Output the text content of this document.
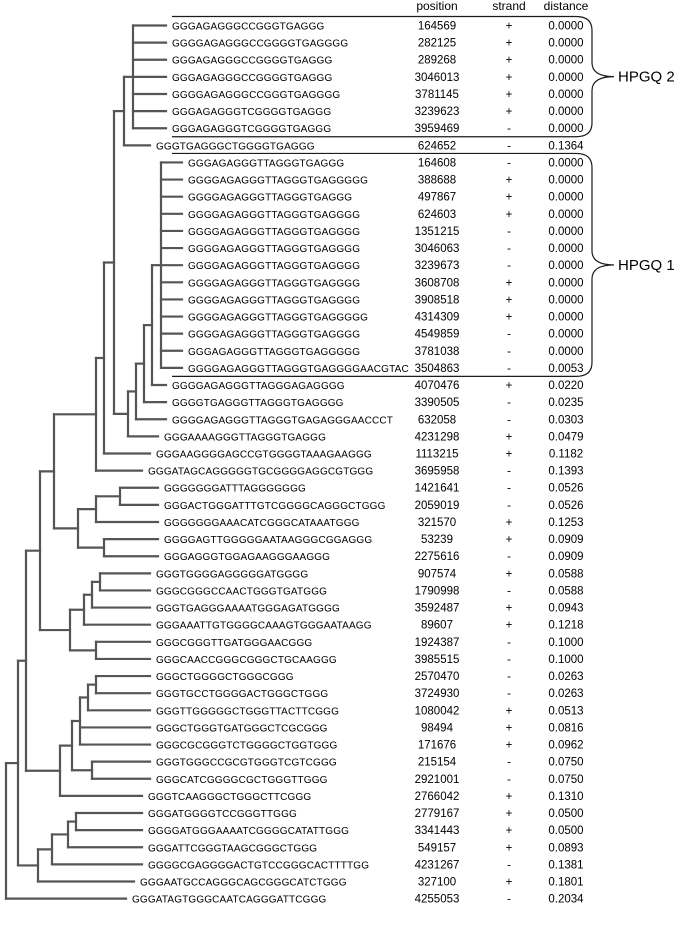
position	strand distance
GGGAGAGGGCCGGGTGAGGG	164569	+	0.0000
GGGGAGAGGGCCGGGGTGAGGGG	282125	+	0.0000
GGGAGAGGGCCGGGGTGAGGG	289268	+	0.0000
GGGAGAGGGCCGGGGTGAGGG	3046013	+	0.0000
GGGGAGAGGGCCGGGTGAGGGG	3781145	+	0.0000
GGGAGAGGGTCGGGGTGAGGG	3239623	+	0.0000
GGGAGAGGGTCGGGGTGAGGG	3959469	-	0.0000
GGGTGAGGGCTGGGGTGAGGG	624652	-	0.1364
GGGAGAGGGTTAGGGTGAGGG	164608	-	0.0000
GGGGAGAGGGTTAGGGTGAGGGGG	388688	+	0.0000
GGGGAGAGGGTTAGGGTGAGGG	497867	+	0.0000
GGGGAGAGGGTTAGGGTGAGGGG	624603	+	0.0000
GGGGAGAGGGTTAGGGTGAGGGG	1351215	-	0.0000
GGGGAGAGGGTTAGGGTGAGGGG	3046063	-	0.0000
GGGGAGAGGGTTAGGGTGAGGGG	3239673	-	0.0000
GGGGAGAGGGTTAGGGTGAGGGG	3608708	+	0.0000
GGGGAGAGGGTTAGGGTGAGGGG	3908518	+	0.0000
GGGGAGAGGGTTAGGGTGAGGGGG	4314309	+	0.0000
GGGGAGAGGGTTAGGGTGAGGGG	4549859	-	0.0000
GGGAGAGGGTTAGGGTGAGGGGG	3781038	-	0.0000
GGGGAGAGGGTTAGGGTGAGGGGAACGTAC 3504863	-	0.0053
GGGGAGAGGGTTAGGGAGAGGGG	4070476	+	0.0220
GGGGTGAGGGTTAGGGTGAGGGG	3390505	-	0.0235
GGGGAGAGGGTTAGGGTGAGAGGGAACCCT 632058	-	0.0303
GGGAAAAGGGTTAGGGTGAGGG	4231298	+	0.0479
GGGAAGGGGAGCCGTGGGGTAAAGAAGGG	1113215	+	0.1182
GGGATAGCAGGGGGTGCGGGGAGGCGTGGG	3695958	-	0.1393
GGGGGGGATTTAGGGGGGG	1421641	-	0.0526
GGGACTGGGATTTGTCGGGGCAGGGCTGGG	2059019	-	0.0526
GGGGGGGAAACATCGGGCATAAATGGG	321570	+	0.1253
GGGGAGTTGGGGGAATAAGGGCGGAGGG	53239	+	0.0909
GGGAGGGTGGAGAAGGGAAGGG	2275616	-	0.0909
GGGTGGGGAGGGGGATGGGG	907574	+	0.0588
GGGCGGGCCAACTGGGTGATGGG	1790998	-	0.0588
GGGTGAGGGAAAATGGGAGATGGGG	3592487	+	0.0943
GGGAAATTGTGGGGCAAAGTGGGAATAAGG	89607	+	0.1218
GGGCGGGTTGATGGGAACGGG	1924387	-	0.1000
GGGCAACCGGGCGGGCTGCAAGGG	3985515	-	0.1000
GGGCTGGGGCTGGGCGGG	2570470	-	0.0263
GGGTGCCTGGGGACTGGGCTGGG	3724930	-	0.0263
GGGTTGGGGGCTGGGTTACTTCGGG	1080042	+	0.0513
GGGCTGGGTGATGGGCTCGCGGG	98494	+	0.0816
GGGCGCGGGTCTGGGGCTGGTGGG	171676	+	0.0962
GGGTGGGCCGCGTGGGTCGTCGGG	215154	-	0.0750
GGGCATCGGGGCGCTGGGTTGGG	2921001	-	0.0750
GGGTCAAGGGCTGGGCTTCGGG	2766042	+	0.1310
GGGATGGGGTCCGGGTTGGG	2779167	+	0.0500
GGGGATGGGAAAATCGGGGCATATTGGG	3341443	+	0.0500
GGGATTCGGGTAAGCGGGCTGGG	549157	+	0.0893
GGGGCGAGGGGACTGTCCGGGCACTTTTGG	4231267	-	0.1381
GGGAATGCCAGGGCAGCGGGCATCTGGG	327100	+	0.1801
GGGATAGTGGGCAATCAGGGATTCGGG	4255053	-	0.2034
HPGQ 2
HPGQ 1
